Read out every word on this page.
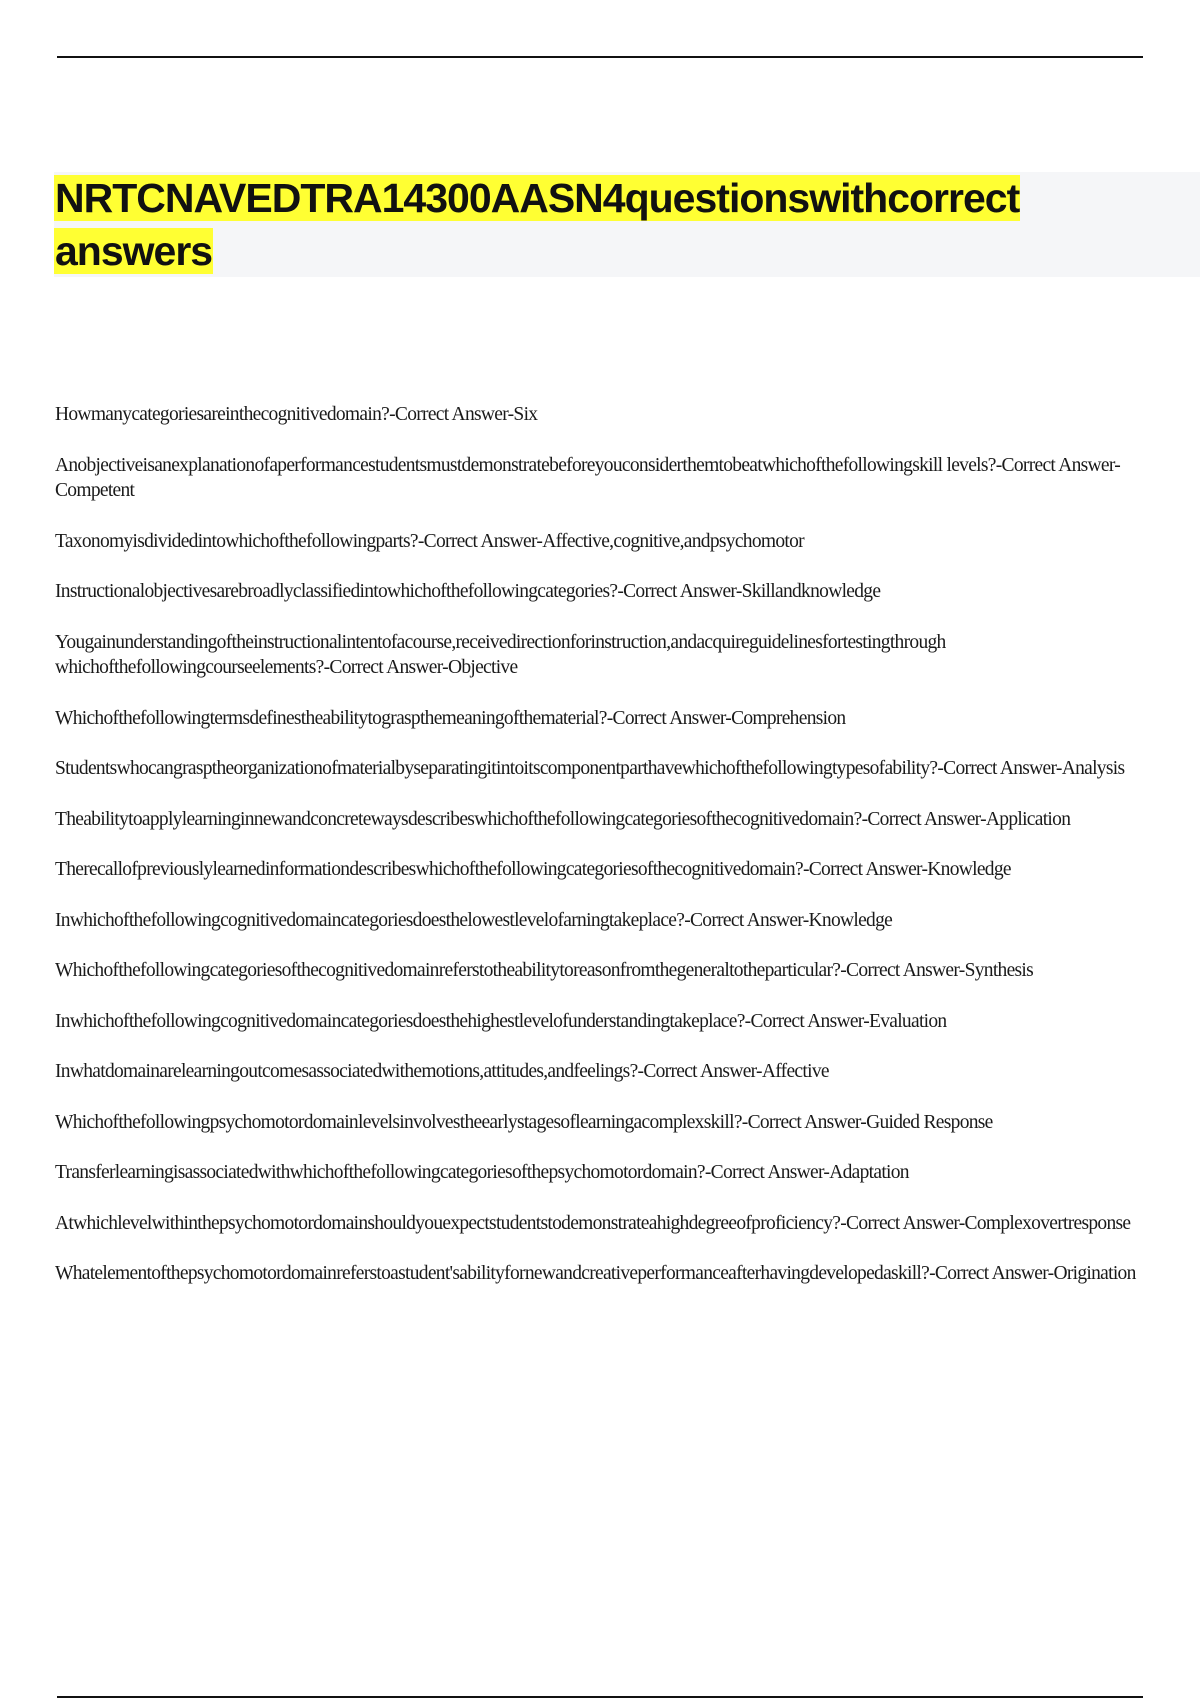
NRTCNAVEDTRA14300AASN4questionswithcorrect answers
Howmanycategoriesareinthecognitivedomain?-Correct Answer-Six
Anobjectiveisanexplanationofaperformancestudentsmustdemonstratebeforeyouconsiderthemtobeatwhichofthefollowingskill levels?-Correct Answer-Competent
Taxonomyisdividedintowhichofthefollowingparts?-Correct Answer-Affective,cognitive,andpsychomotor
Instructionalobjectivesarebroadlyclassifiedintowhichofthefollowingcategories?-Correct Answer-Skillandknowledge
Yougainunderstandingoftheinstructionalintentofacourse,receivedirectionforinstruction,andacquireguidelinesfortestingthrough whichofthefollowingcourseelements?-Correct Answer-Objective
Whichofthefollowingtermsdefinestheabilitytograspthemeaningofthematerial?-Correct Answer-Comprehension
Studentswhocangrasptheorganizationofmaterialbyseparatingitintoitscomponentparthavewhichofthefollowingtypesofability?-Correct Answer-Analysis
Theabilitytoapplylearninginnewandconcretewaysdescribeswhichofthefollowingcategoriesofthecognitivedomain?-Correct Answer-Application
Therecallofpreviouslylearnedinformationdescribeswhichofthefollowingcategoriesofthecognitivedomain?-Correct Answer-Knowledge
Inwhichofthefollowingcognitivedomaincategoriesdoesthelowestlevelofarningtakeplace?-Correct Answer-Knowledge
Whichofthefollowingcategoriesofthecognitivedomainreferstotheabilitytoreasonfromthegeneraltotheparticular?-Correct Answer-Synthesis
Inwhichofthefollowingcognitivedomaincategoriesdoesthehighestlevelofunderstandingtakeplace?-Correct Answer-Evaluation
Inwhatdomainarelearningoutcomesassociatedwithemotions,attitudes,andfeelings?-Correct Answer-Affective
Whichofthefollowingpsychomotordomainlevelsinvolvestheearlystagesoflearningacomplexskill?-Correct Answer-Guided Response
Transferlearningisassociatedwithwhichofthefollowingcategoriesofthepsychomotordomain?-Correct Answer-Adaptation
Atwhichlevelwithinthepsychomotordomainshouldyouexpectstudentstodemonstrateahighdegreeofproficiency?-Correct Answer-Complexovertresponse
Whatelementofthepsychomotordomainreferstoastudent'sabilityfornewandcreativeperformanceafterhavingdevelopedaskill?-Correct Answer-Origination
